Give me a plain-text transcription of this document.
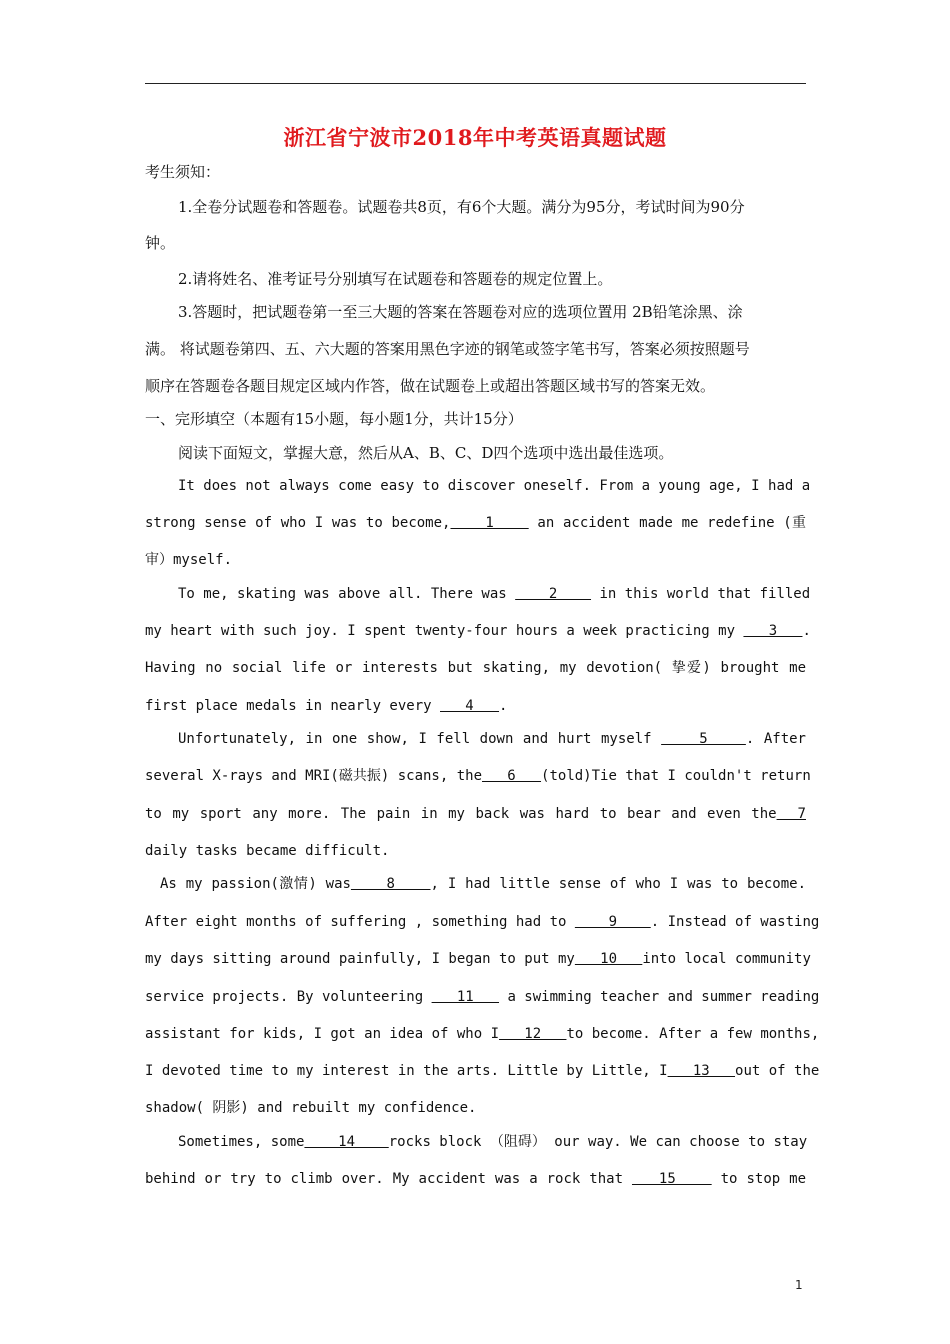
浙江省宁波市2018年中考英语真题试题
考生须知：
1.全卷分试题卷和答题卷。试题卷共8页，有6个大题。满分为95分，考试时间为90分
钟。
2.请将姓名、准考证号分别填写在试题卷和答题卷的规定位置上。
3.答题时，把试题卷第一至三大题的答案在答题卷对应的选项位置用 2B铅笔涂黑、涂
满。 将试题卷第四、五、六大题的答案用黑色字迹的钢笔或签字笔书写，答案必须按照题号
顺序在答题卷各题目规定区域内作答，做在试题卷上或超出答题区域书写的答案无效。
一、完形填空（本题有15小题，每小题1分，共计15分）
阅读下面短文，掌握大意，然后从A、B、C、D四个选项中选出最佳选项。
It does not always come easy to discover oneself. From a young age, I had a
strong sense of who I was to become,    1     an accident made me redefine (重
审）myself.
To me, skating was above all. There was     2     in this world that filled
my heart with such joy. I spent twenty-four hours a week practicing my    3   .
Having no social life or interests but skating, my devotion( 挚爱) brought me
first place medals in nearly every    4   .
Unfortunately, in one show, I fell down and hurt myself     5    . After
several X-rays and MRI(磁共振) scans, the   6   (told)Tie that I couldn't return
to my sport any more. The pain in my back was hard to bear and even the  7
daily tasks became difficult.
As my passion(激情) was    8    , I had little sense of who I was to become.
After eight months of suffering , something had to     9    . Instead of wasting
my days sitting around painfully, I began to put my   10   into local community
service projects. By volunteering    11    a swimming teacher and summer reading
assistant for kids, I got an idea of who I   12   to become. After a few months,
I devoted time to my interest in the arts. Little by Little, I   13   out of the
shadow( 阴影) and rebuilt my confidence.
Sometimes, some    14    rocks block （阻碍） our way. We can choose to stay
behind or try to climb over. My accident was a rock that    15     to stop me
1
